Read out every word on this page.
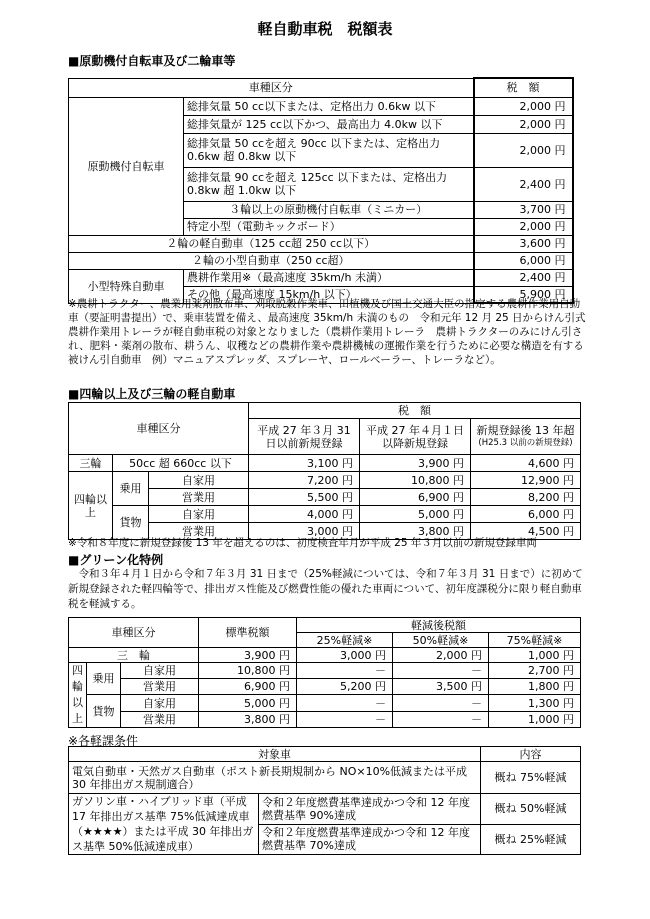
軽自動車税　税額表
■原動機付自転車及び二輪車等
車種区分		税　額
原動機付自転車	総排気量 50 cc以下または、定格出力 0.6kw 以下	2,000 円
	総排気量が 125 cc以下かつ、最高出力 4.0kw 以下	2,000 円
	総排気量 50 ccを超え 90cc 以下または、定格出力 0.6kw 超 0.8kw 以下	2,000 円
	総排気量 90 ccを超え 125cc 以下または、定格出力 0.8kw 超 1.0kw 以下	2,400 円
	３輪以上の原動機付自転車（ミニカー）	3,700 円
	特定小型（電動キックボード）	2,000 円
２輪の軽自動車（125 cc超 250 cc以下）		3,600 円
２輪の小型自動車（250 cc超）		6,000 円
小型特殊自動車	農耕作業用※（最高速度 35km/h 未満）	2,400 円
	その他（最高速度 15km/h 以下）	5,900 円
※農耕トラクター、農業用薬剤散布車、刈取脱穀作業車、田植機及び国土交通大臣の指定する農耕作業用自動車（要証明書提出）で、乗車装置を備え、最高速度 35km/h 未満のもの　令和元年 12 月 25 日からけん引式農耕作業用トレーラが軽自動車税の対象となりました（農耕作業用トレーラ　農耕トラクターのみにけん引され、肥料・薬剤の散布、耕うん、収穫などの農耕作業や農耕機械の運搬作業を行うために必要な構造を有する被けん引自動車　例）マニュアスプレッダ、スプレーヤ、ロールベーラー、トレーラなど）。
■四輪以上及び三輪の軽自動車
車種区分			税　額		
			平成 27 年３月 31 日以前新規登録	平成 27 年４月１日以降新規登録	新規登録後 13 年超
(H25.3 以前の新規登録)

三輪	50cc 超 660cc 以下		3,100 円	3,900 円	4,600 円
四輪以上	乗用	自家用	7,200 円	10,800 円	12,900 円
		営業用	5,500 円	6,900 円	8,200 円
	貨物	自家用	4,000 円	5,000 円	6,000 円
		営業用	3,000 円	3,800 円	4,500 円
※令和８年度に新規登録後 13 年を超えるのは、初度検査年月が平成 25 年３月以前の新規登録車両
■グリーン化特例
令和３年４月１日から令和７年３月 31 日まで（25%軽減については、令和７年３月 31 日まで）に初めて新規登録された軽四輪等で、排出ガス性能及び燃費性能の優れた車両について、初年度課税分に限り軽自動車税を軽減する。
車種区分			標準税額	軽減後税額		
				25%軽減※	50%軽減※	75%軽減※
三　輪			3,900 円	3,000 円	2,000 円	1,000 円
四輪以上	乗用	自家用	10,800 円	－	－	2,700 円
		営業用	6,900 円	5,200 円	3,500 円	1,800 円
	貨物	自家用	5,000 円	－	－	1,300 円
		営業用	3,800 円	－	－	1,000 円
※各軽課条件
対象車		内容
電気自動車・天然ガス自動車（ポスト新長期規制から NO×10%低減または平成 30 年排出ガス規制適合）		概ね 75%軽減
ガソリン車・ハイブリッド車（平成 17 年排出ガス基準 75%低減達成車（★★★★）または平成 30 年排出ガス基準 50%低減達成車）	令和２年度燃費基準達成かつ令和 12 年度燃費基準 90%達成	概ね 50%軽減
	令和２年度燃費基準達成かつ令和 12 年度燃費基準 70%達成	概ね 25%軽減
